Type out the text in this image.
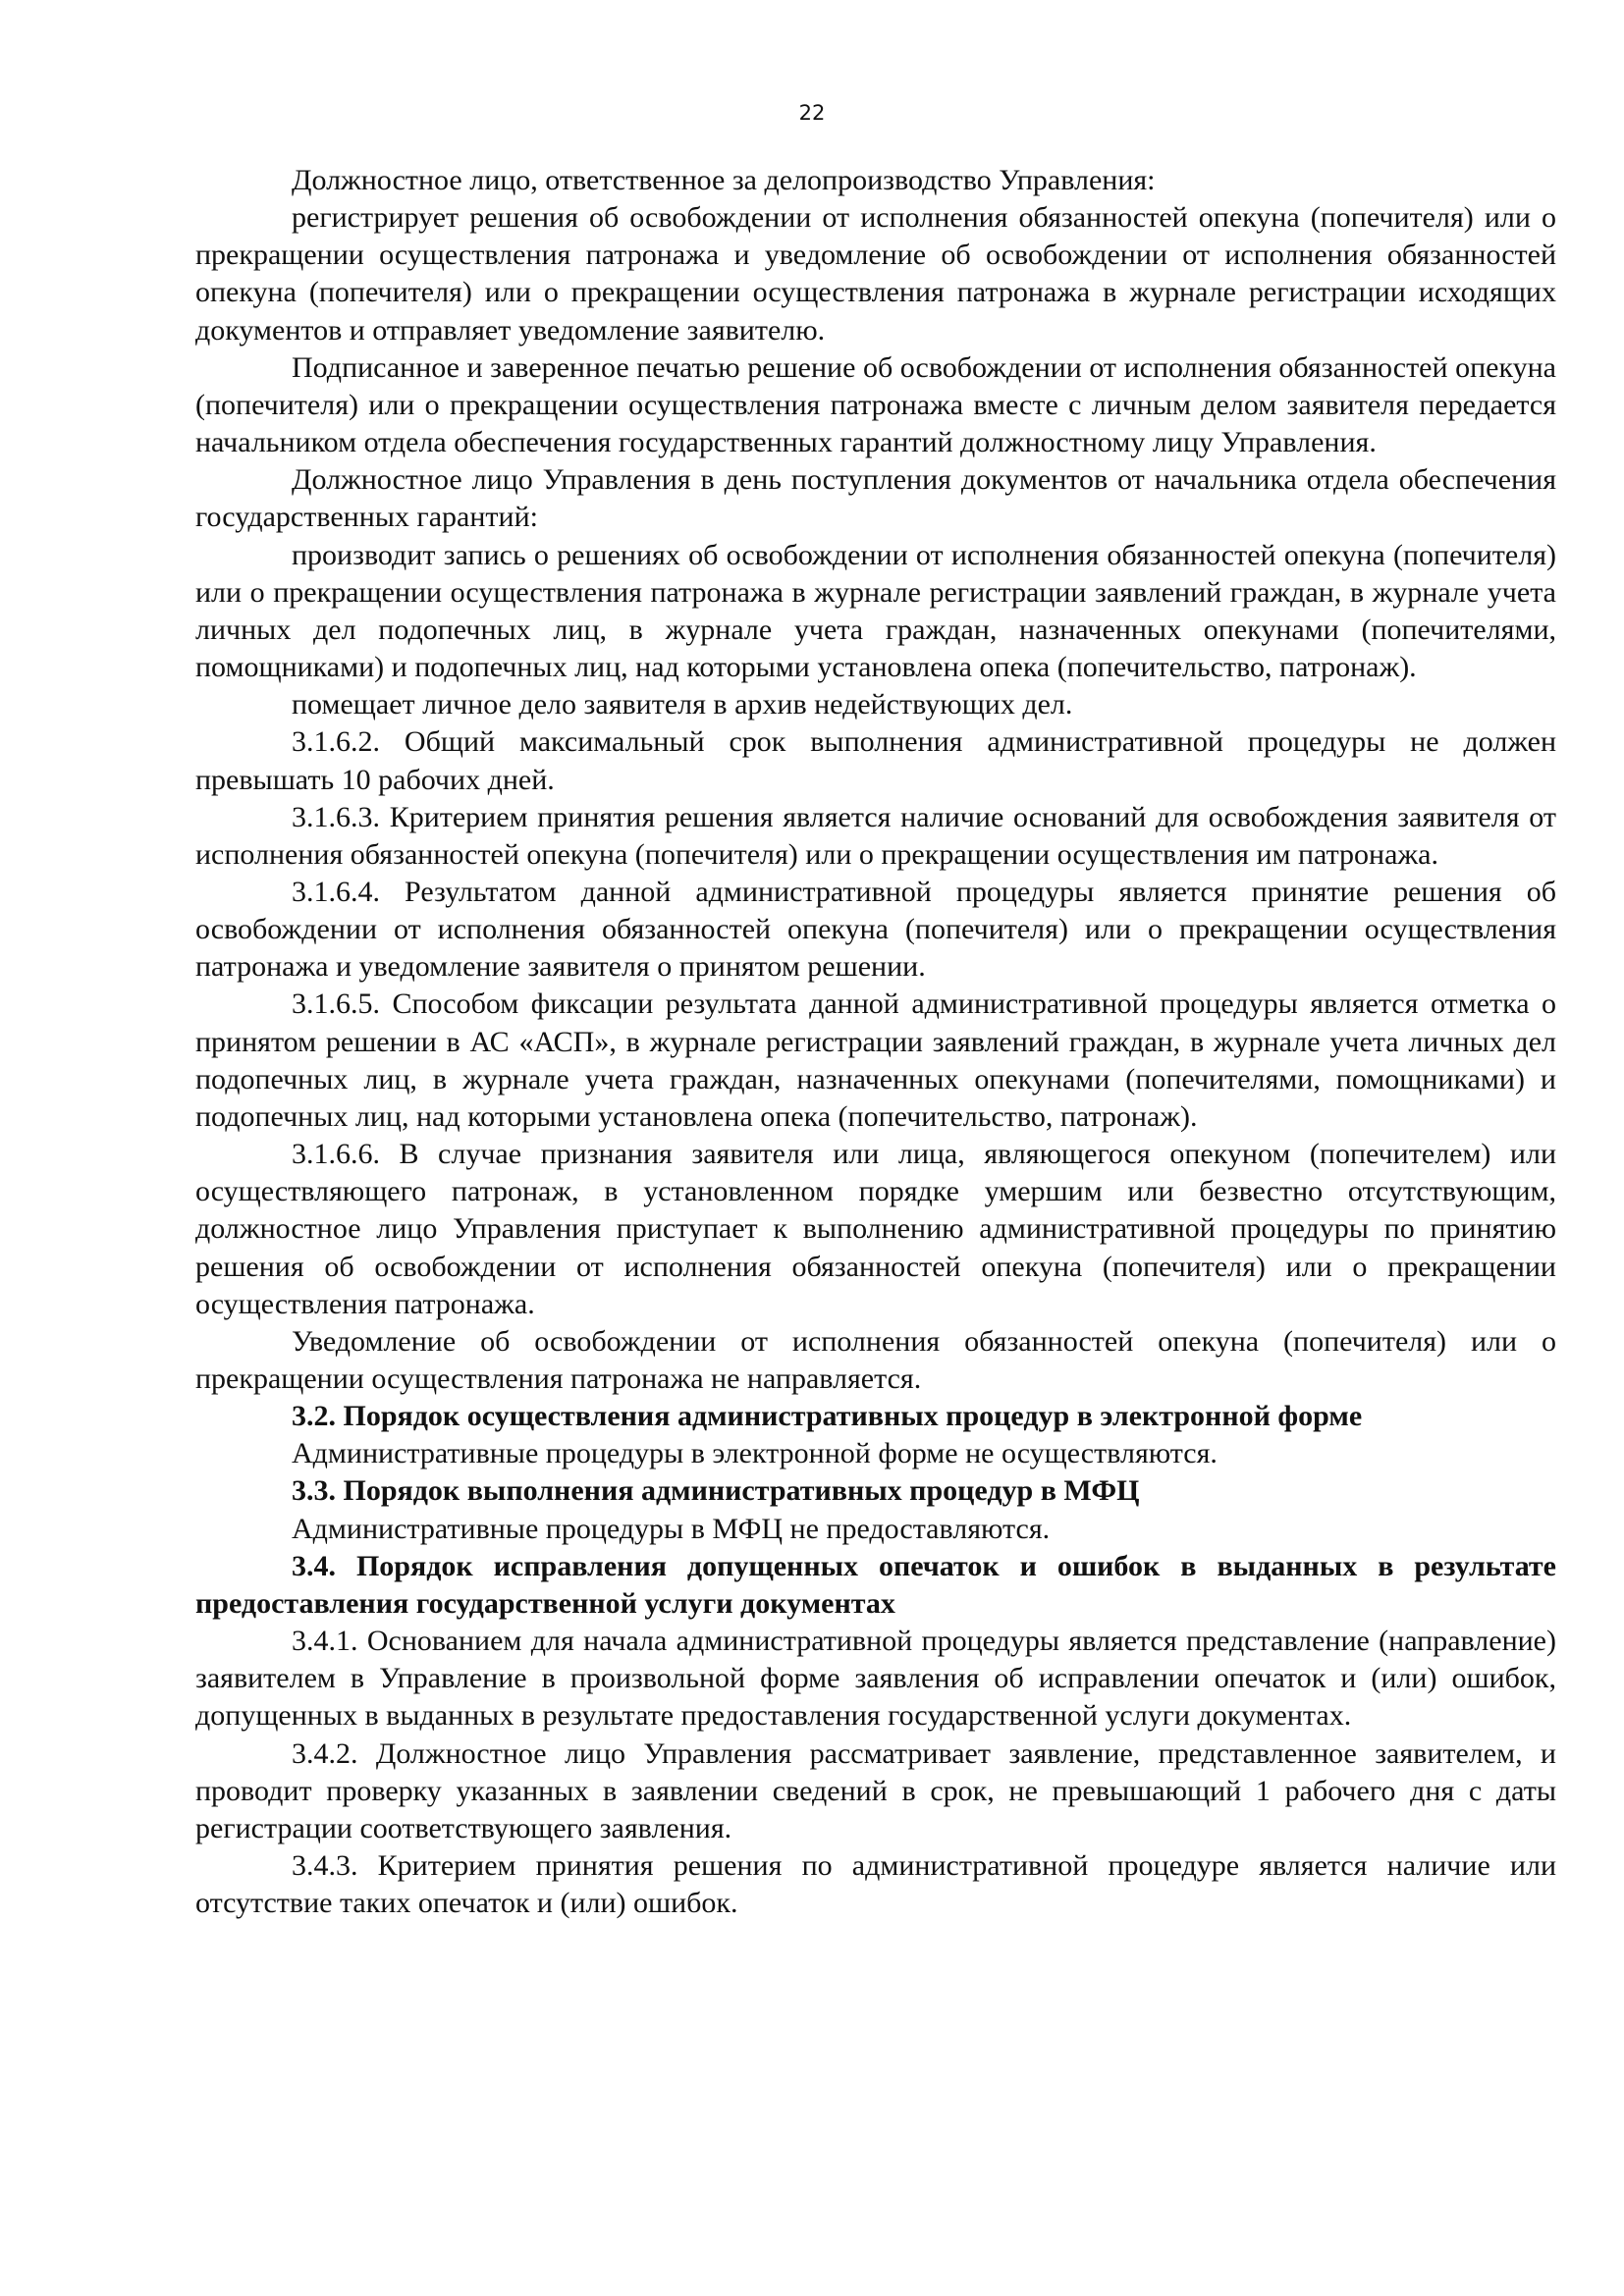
22

Должностное лицо, ответственное за делопроизводство Управления:

регистрирует решения об освобождении от исполнения обязанностей опекуна (попечителя) или о прекращении осуществления патронажа и уведомление об освобождении от исполнения обязанностей опекуна (попечителя) или о прекращении осуществления патронажа в журнале регистрации исходящих документов и отправляет уведомление заявителю.

Подписанное и заверенное печатью решение об освобождении от исполнения обязанностей опекуна (попечителя) или о прекращении осуществления патронажа вместе с личным делом заявителя передается начальником отдела обеспечения государственных гарантий должностному лицу Управления.

Должностное лицо Управления в день поступления документов от начальника отдела обеспечения государственных гарантий:

производит запись о решениях об освобождении от исполнения обязанностей опекуна (попечителя) или о прекращении осуществления патронажа в журнале регистрации заявлений граждан, в журнале учета личных дел подопечных лиц, в журнале учета граждан, назначенных опекунами (попечителями, помощниками) и подопечных лиц, над которыми установлена опека (попечительство, патронаж).

помещает личное дело заявителя в архив недействующих дел.

3.1.6.2. Общий максимальный срок выполнения административной процедуры не должен превышать 10 рабочих дней.

3.1.6.3. Критерием принятия решения является наличие оснований для освобождения заявителя от исполнения обязанностей опекуна (попечителя) или о прекращении осуществления им патронажа.

3.1.6.4. Результатом данной административной процедуры является принятие решения об освобождении от исполнения обязанностей опекуна (попечителя) или о прекращении осуществления патронажа и уведомление заявителя о принятом решении.

3.1.6.5. Способом фиксации результата данной административной процедуры является отметка о принятом решении в АС «АСП», в журнале регистрации заявлений граждан, в журнале учета личных дел подопечных лиц, в журнале учета граждан, назначенных опекунами (попечителями, помощниками) и подопечных лиц, над которыми установлена опека (попечительство, патронаж).

3.1.6.6. В случае признания заявителя или лица, являющегося опекуном (попечителем) или осуществляющего патронаж, в установленном порядке умершим или безвестно отсутствующим, должностное лицо Управления приступает к выполнению административной процедуры по принятию решения об освобождении от исполнения обязанностей опекуна (попечителя) или о прекращении осуществления патронажа.

Уведомление об освобождении от исполнения обязанностей опекуна (попечителя) или о прекращении осуществления патронажа не направляется.

3.2. Порядок осуществления административных процедур в электронной форме

Административные процедуры в электронной форме не осуществляются.

3.3. Порядок выполнения административных процедур в МФЦ

Административные процедуры в МФЦ не предоставляются.

3.4. Порядок исправления допущенных опечаток и ошибок в выданных в результате предоставления государственной услуги документах

3.4.1. Основанием для начала административной процедуры является представление (направление) заявителем в Управление в произвольной форме заявления об исправлении опечаток и (или) ошибок, допущенных в выданных в результате предоставления государственной услуги документах.

3.4.2. Должностное лицо Управления рассматривает заявление, представленное заявителем, и проводит проверку указанных в заявлении сведений в срок, не превышающий 1 рабочего дня с даты регистрации соответствующего заявления.

3.4.3. Критерием принятия решения по административной процедуре является наличие или отсутствие таких опечаток и (или) ошибок.
